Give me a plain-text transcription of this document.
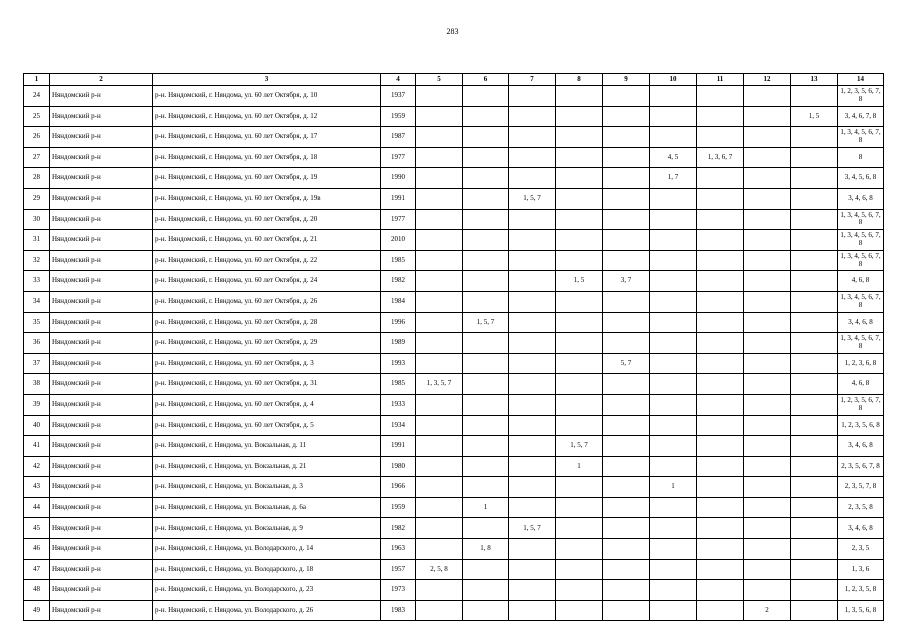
283
1	2	3	4	5	6	7	8	9	10	11	12	13	14
24	Няндомский р-н	р-н. Няндомский, г. Няндома, ул. 60 лет Октября, д. 10	1937										1, 2, 3, 5, 6, 7, 8
25	Няндомский р-н	р-н. Няндомский, г. Няндома, ул. 60 лет Октября, д. 12	1959									1, 5	3, 4, 6, 7, 8
26	Няндомский р-н	р-н. Няндомский, г. Няндома, ул. 60 лет Октября, д. 17	1987										1, 3, 4, 5, 6, 7, 8
27	Няндомский р-н	р-н. Няндомский, г. Няндома, ул. 60 лет Октября, д. 18	1977						4, 5	1, 3, 6, 7			8
28	Няндомский р-н	р-н. Няндомский, г. Няндома, ул. 60 лет Октября, д. 19	1990						1, 7				3, 4, 5, 6, 8
29	Няндомский р-н	р-н. Няндомский, г. Няндома, ул. 60 лет Октября, д. 19в	1991			1, 5, 7							3, 4, 6, 8
30	Няндомский р-н	р-н. Няндомский, г. Няндома, ул. 60 лет Октября, д. 20	1977										1, 3, 4, 5, 6, 7, 8
31	Няндомский р-н	р-н. Няндомский, г. Няндома, ул. 60 лет Октября, д. 21	2010										1, 3, 4, 5, 6, 7, 8
32	Няндомский р-н	р-н. Няндомский, г. Няндома, ул. 60 лет Октября, д. 22	1985										1, 3, 4, 5, 6, 7, 8
33	Няндомский р-н	р-н. Няндомский, г. Няндома, ул. 60 лет Октября, д. 24	1982				1, 5	3, 7					4, 6, 8
34	Няндомский р-н	р-н. Няндомский, г. Няндома, ул. 60 лет Октября, д. 26	1984										1, 3, 4, 5, 6, 7, 8
35	Няндомский р-н	р-н. Няндомский, г. Няндома, ул. 60 лет Октября, д. 28	1996		1, 5, 7								3, 4, 6, 8
36	Няндомский р-н	р-н. Няндомский, г. Няндома, ул. 60 лет Октября, д. 29	1989										1, 3, 4, 5, 6, 7, 8
37	Няндомский р-н	р-н. Няндомский, г. Няндома, ул. 60 лет Октября, д. 3	1993					5, 7					1, 2, 3, 6, 8
38	Няндомский р-н	р-н. Няндомский, г. Няндома, ул. 60 лет Октября, д. 31	1985	1, 3, 5, 7									4, 6, 8
39	Няндомский р-н	р-н. Няндомский, г. Няндома, ул. 60 лет Октября, д. 4	1933										1, 2, 3, 5, 6, 7, 8
40	Няндомский р-н	р-н. Няндомский, г. Няндома, ул. 60 лет Октября, д. 5	1934										1, 2, 3, 5, 6, 8
41	Няндомский р-н	р-н. Няндомский, г. Няндома, ул. Вокзальная, д. 11	1991				1, 5, 7						3, 4, 6, 8
42	Няндомский р-н	р-н. Няндомский, г. Няндома, ул. Вокзальная, д. 21	1980				1						2, 3, 5, 6, 7, 8
43	Няндомский р-н	р-н. Няндомский, г. Няндома, ул. Вокзальная, д. 3	1966						1				2, 3, 5, 7, 8
44	Няндомский р-н	р-н. Няндомский, г. Няндома, ул. Вокзальная, д. 6а	1959		1								2, 3, 5, 8
45	Няндомский р-н	р-н. Няндомский, г. Няндома, ул. Вокзальная, д. 9	1982			1, 5, 7							3, 4, 6, 8
46	Няндомский р-н	р-н. Няндомский, г. Няндома, ул. Володарского, д. 14	1963		1, 8								2, 3, 5
47	Няндомский р-н	р-н. Няндомский, г. Няндома, ул. Володарского, д. 18	1957	2, 5, 8									1, 3, 6
48	Няндомский р-н	р-н. Няндомский, г. Няндома, ул. Володарского, д. 23	1973										1, 2, 3, 5, 8
49	Няндомский р-н	р-н. Няндомский, г. Няндома, ул. Володарского, д. 26	1983								2		1, 3, 5, 6, 8
